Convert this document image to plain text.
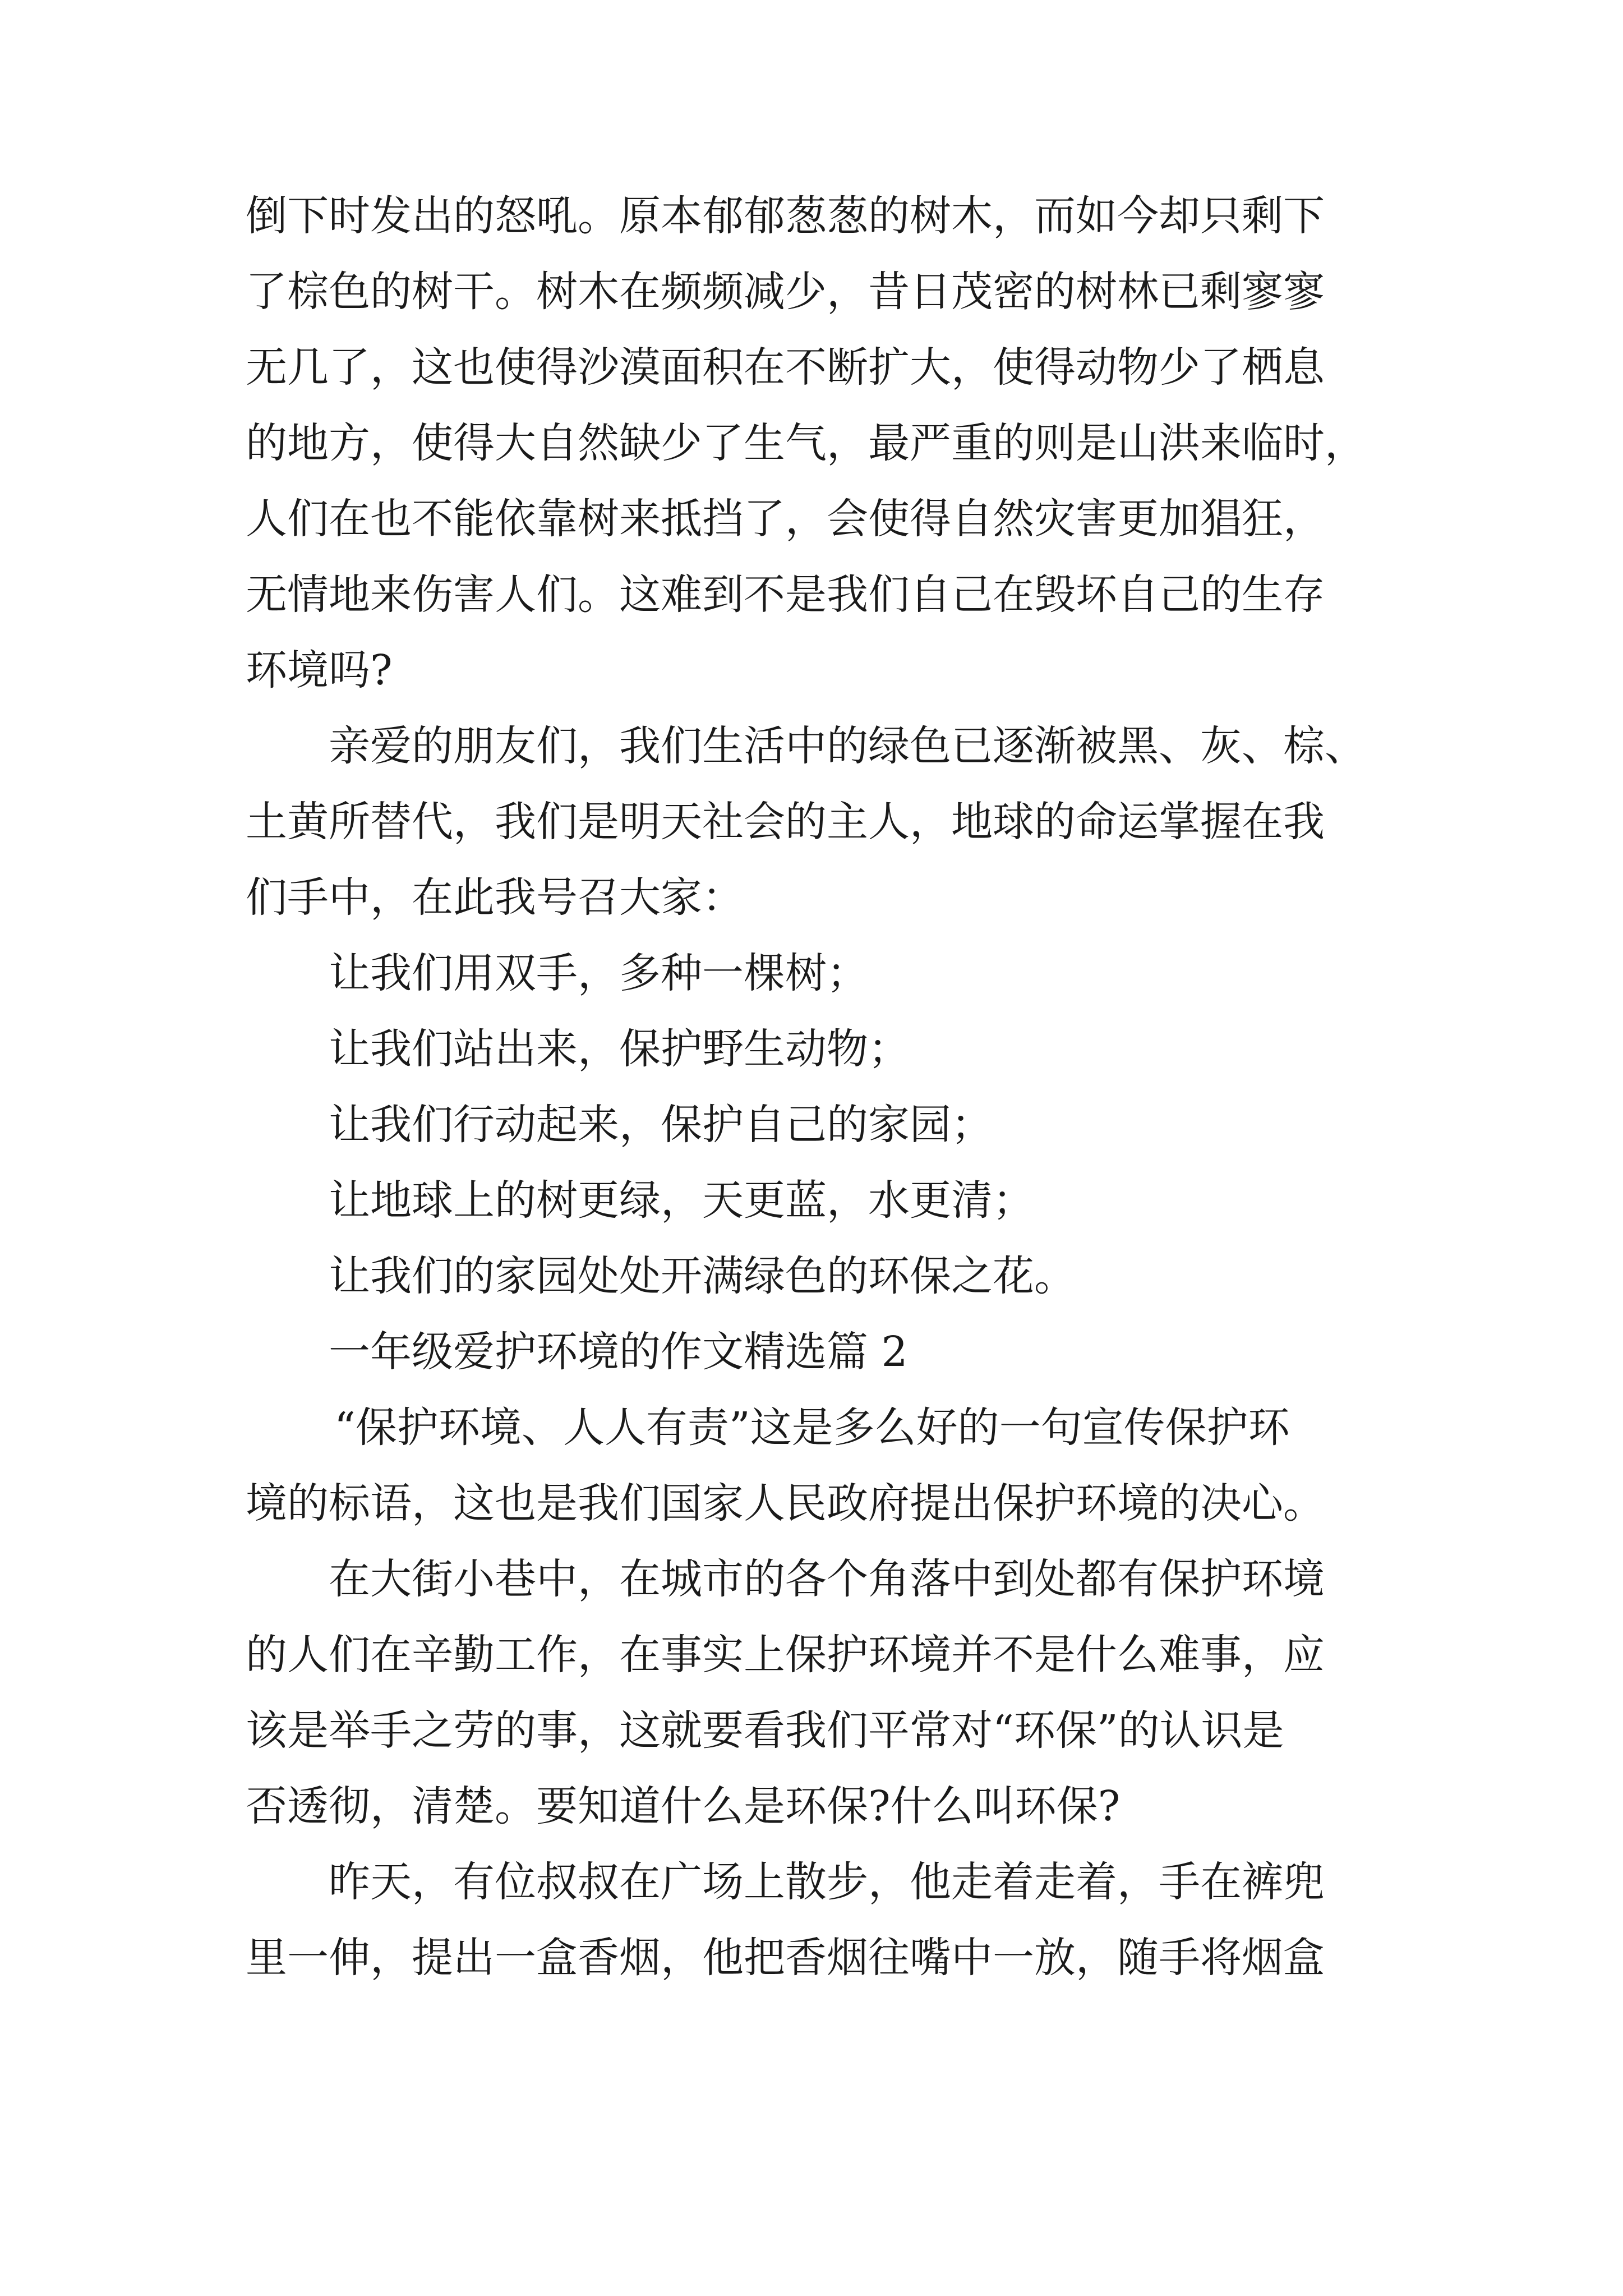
倒下时发出的怒吼。原本郁郁葱葱的树木，而如今却只剩下
了棕色的树干。树木在频频减少，昔日茂密的树林已剩寥寥
无几了，这也使得沙漠面积在不断扩大，使得动物少了栖息
的地方，使得大自然缺少了生气，最严重的则是山洪来临时，
人们在也不能依靠树来抵挡了，会使得自然灾害更加猖狂，
无情地来伤害人们。这难到不是我们自己在毁坏自己的生存
环境吗?
亲爱的朋友们，我们生活中的绿色已逐渐被黑、灰、棕、
土黄所替代，我们是明天社会的主人，地球的命运掌握在我
们手中，在此我号召大家：
让我们用双手，多种一棵树；
让我们站出来，保护野生动物；
让我们行动起来，保护自己的家园；
让地球上的树更绿，天更蓝，水更清；
让我们的家园处处开满绿色的环保之花。
一年级爱护环境的作文精选篇 2
“保护环境、人人有责”这是多么好的一句宣传保护环
境的标语，这也是我们国家人民政府提出保护环境的决心。
在大街小巷中，在城市的各个角落中到处都有保护环境
的人们在辛勤工作，在事实上保护环境并不是什么难事，应
该是举手之劳的事，这就要看我们平常对“环保”的认识是
否透彻，清楚。要知道什么是环保?什么叫环保?
昨天，有位叔叔在广场上散步，他走着走着，手在裤兜
里一伸，提出一盒香烟，他把香烟往嘴中一放，随手将烟盒
